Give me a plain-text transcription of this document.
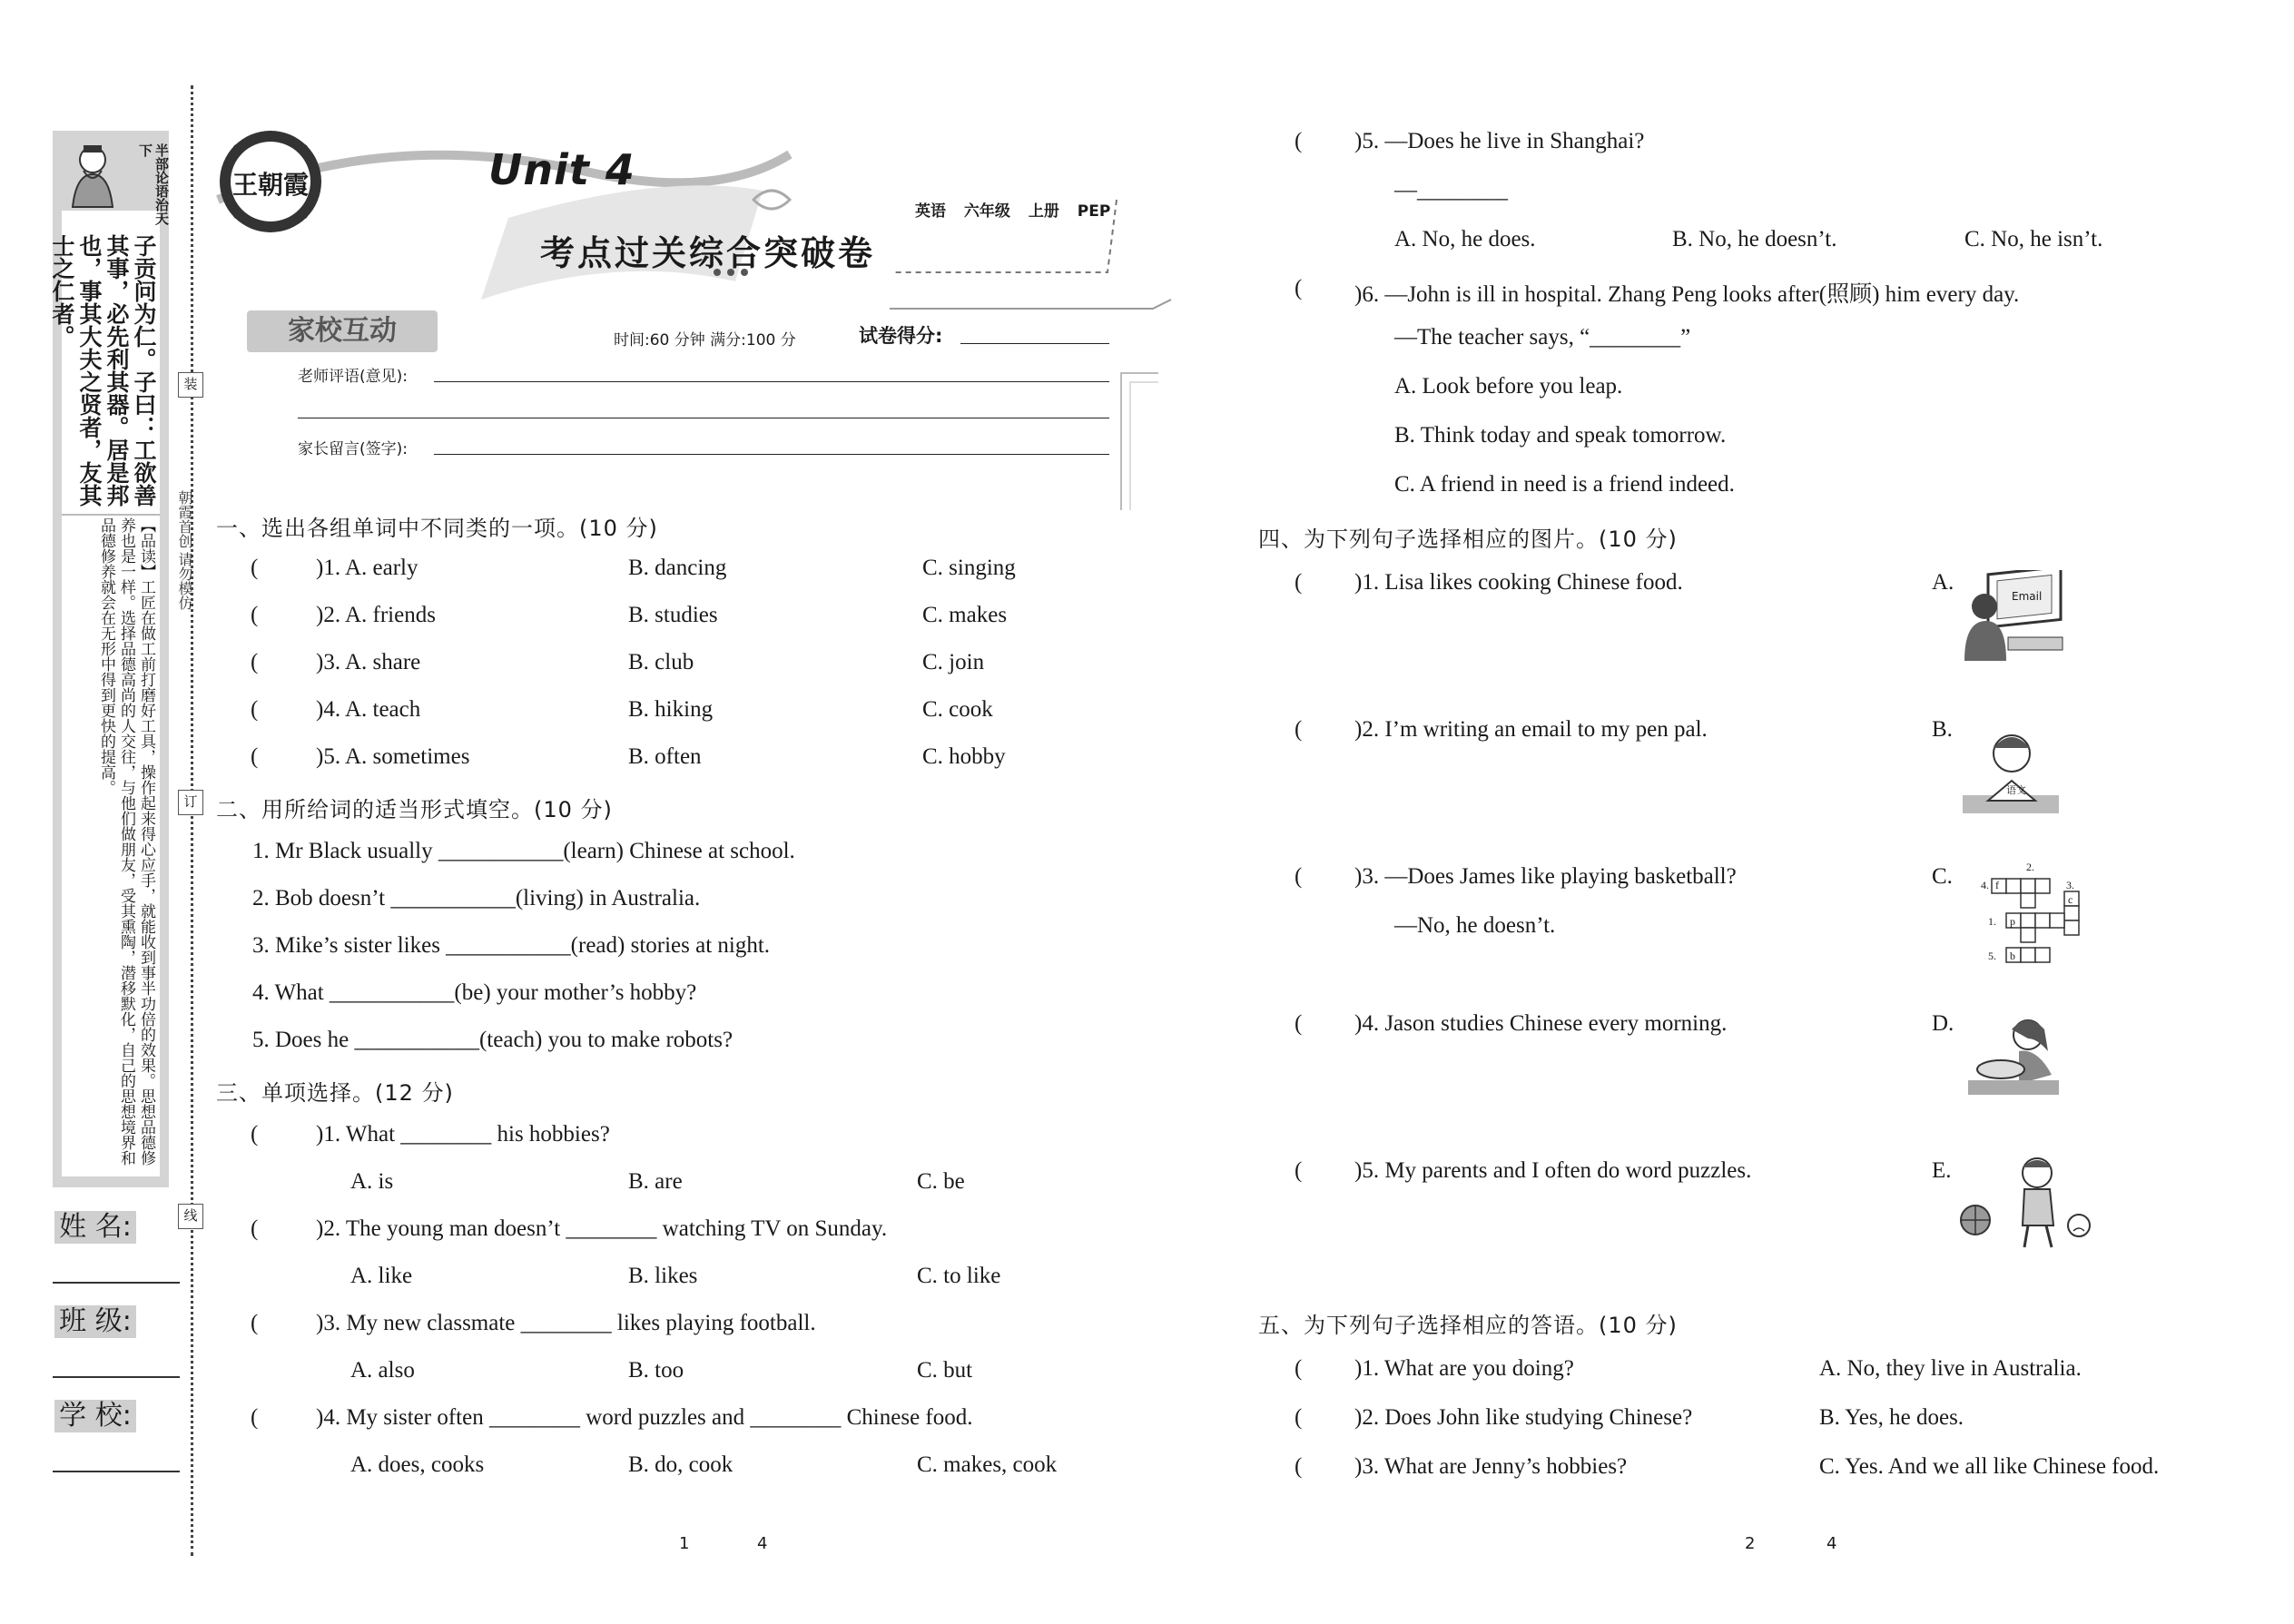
半部论语治天下
子贡问为仁。子曰：工欲善其事，必先利其器。居是邦也，事其大夫之贤者，友其士之仁者。
【品读】工匠在做工前打磨好工具，操作起来得心应手，就能收到事半功倍的效果。思想品德修养也是一样。选择品德高尚的人交往，与他们做朋友，受其熏陶，潜移默化，自己的思想境界和品德修养就会在无形中得到更快的提高。
姓 名:
班 级:
学 校:
装
订
线
朝霞首创 请勿模仿
王朝霞	Unit 4
考点过关综合突破卷
英语 六年级 上册 PEP
家校互动	时间:60 分钟 满分:100 分	试卷得分:
老师评语(意见):
家长留言(签字):
一、选出各组单词中不同类的一项。(10 分)
(	)1. A. early	B. dancing	C. singing
(	)2. A. friends	B. studies	C. makes
(	)3. A. share	B. club	C. join
(	)4. A. teach	B. hiking	C. cook
(	)5. A. sometimes	B. often	C. hobby
二、用所给词的适当形式填空。(10 分)
1. Mr Black usually ___________(learn) Chinese at school.
2. Bob doesn’t ___________(living) in Australia.
3. Mike’s sister likes ___________(read) stories at night.
4. What ___________(be) your mother’s hobby?
5. Does he ___________(teach) you to make robots?
三、单项选择。(12 分)
(	)1. What ________ his hobbies?
A. is	B. are	C. be
(	)2. The young man doesn’t ________ watching TV on Sunday.
A. like	B. likes	C. to like
(	)3. My new classmate ________ likes playing football.
A. also	B. too	C. but
(	)4. My sister often ________ word puzzles and ________ Chinese food.
A. does, cooks	B. do, cook	C. makes, cook
1	4
( )5. —Does he live in Shanghai?
—________
A. No, he does.	B. No, he doesn’t.	C. No, he isn’t.
( )6. —John is ill in hospital. Zhang Peng looks after(照顾) him every day.
—The teacher says, “________”
A. Look before you leap.
B. Think today and speak tomorrow.
C. A friend in need is a friend indeed.
四、为下列句子选择相应的图片。(10 分)
( )1. Lisa likes cooking Chinese food.	A.
Email
( )2. I’m writing an email to my pen pal.	B.
语文
( )3. —Does James like playing basketball?
—No, he doesn’t.
C.	4. f
2.
3.
c
1. p
5. b
( )4. Jason studies Chinese every morning.	D.
( )5. My parents and I often do word puzzles.	E.
五、为下列句子选择相应的答语。(10 分)
( )1. What are you doing?	A. No, they live in Australia.
( )2. Does John like studying Chinese?	B. Yes, he does.
( )3. What are Jenny’s hobbies?	C. Yes. And we all like Chinese food.
2	4
